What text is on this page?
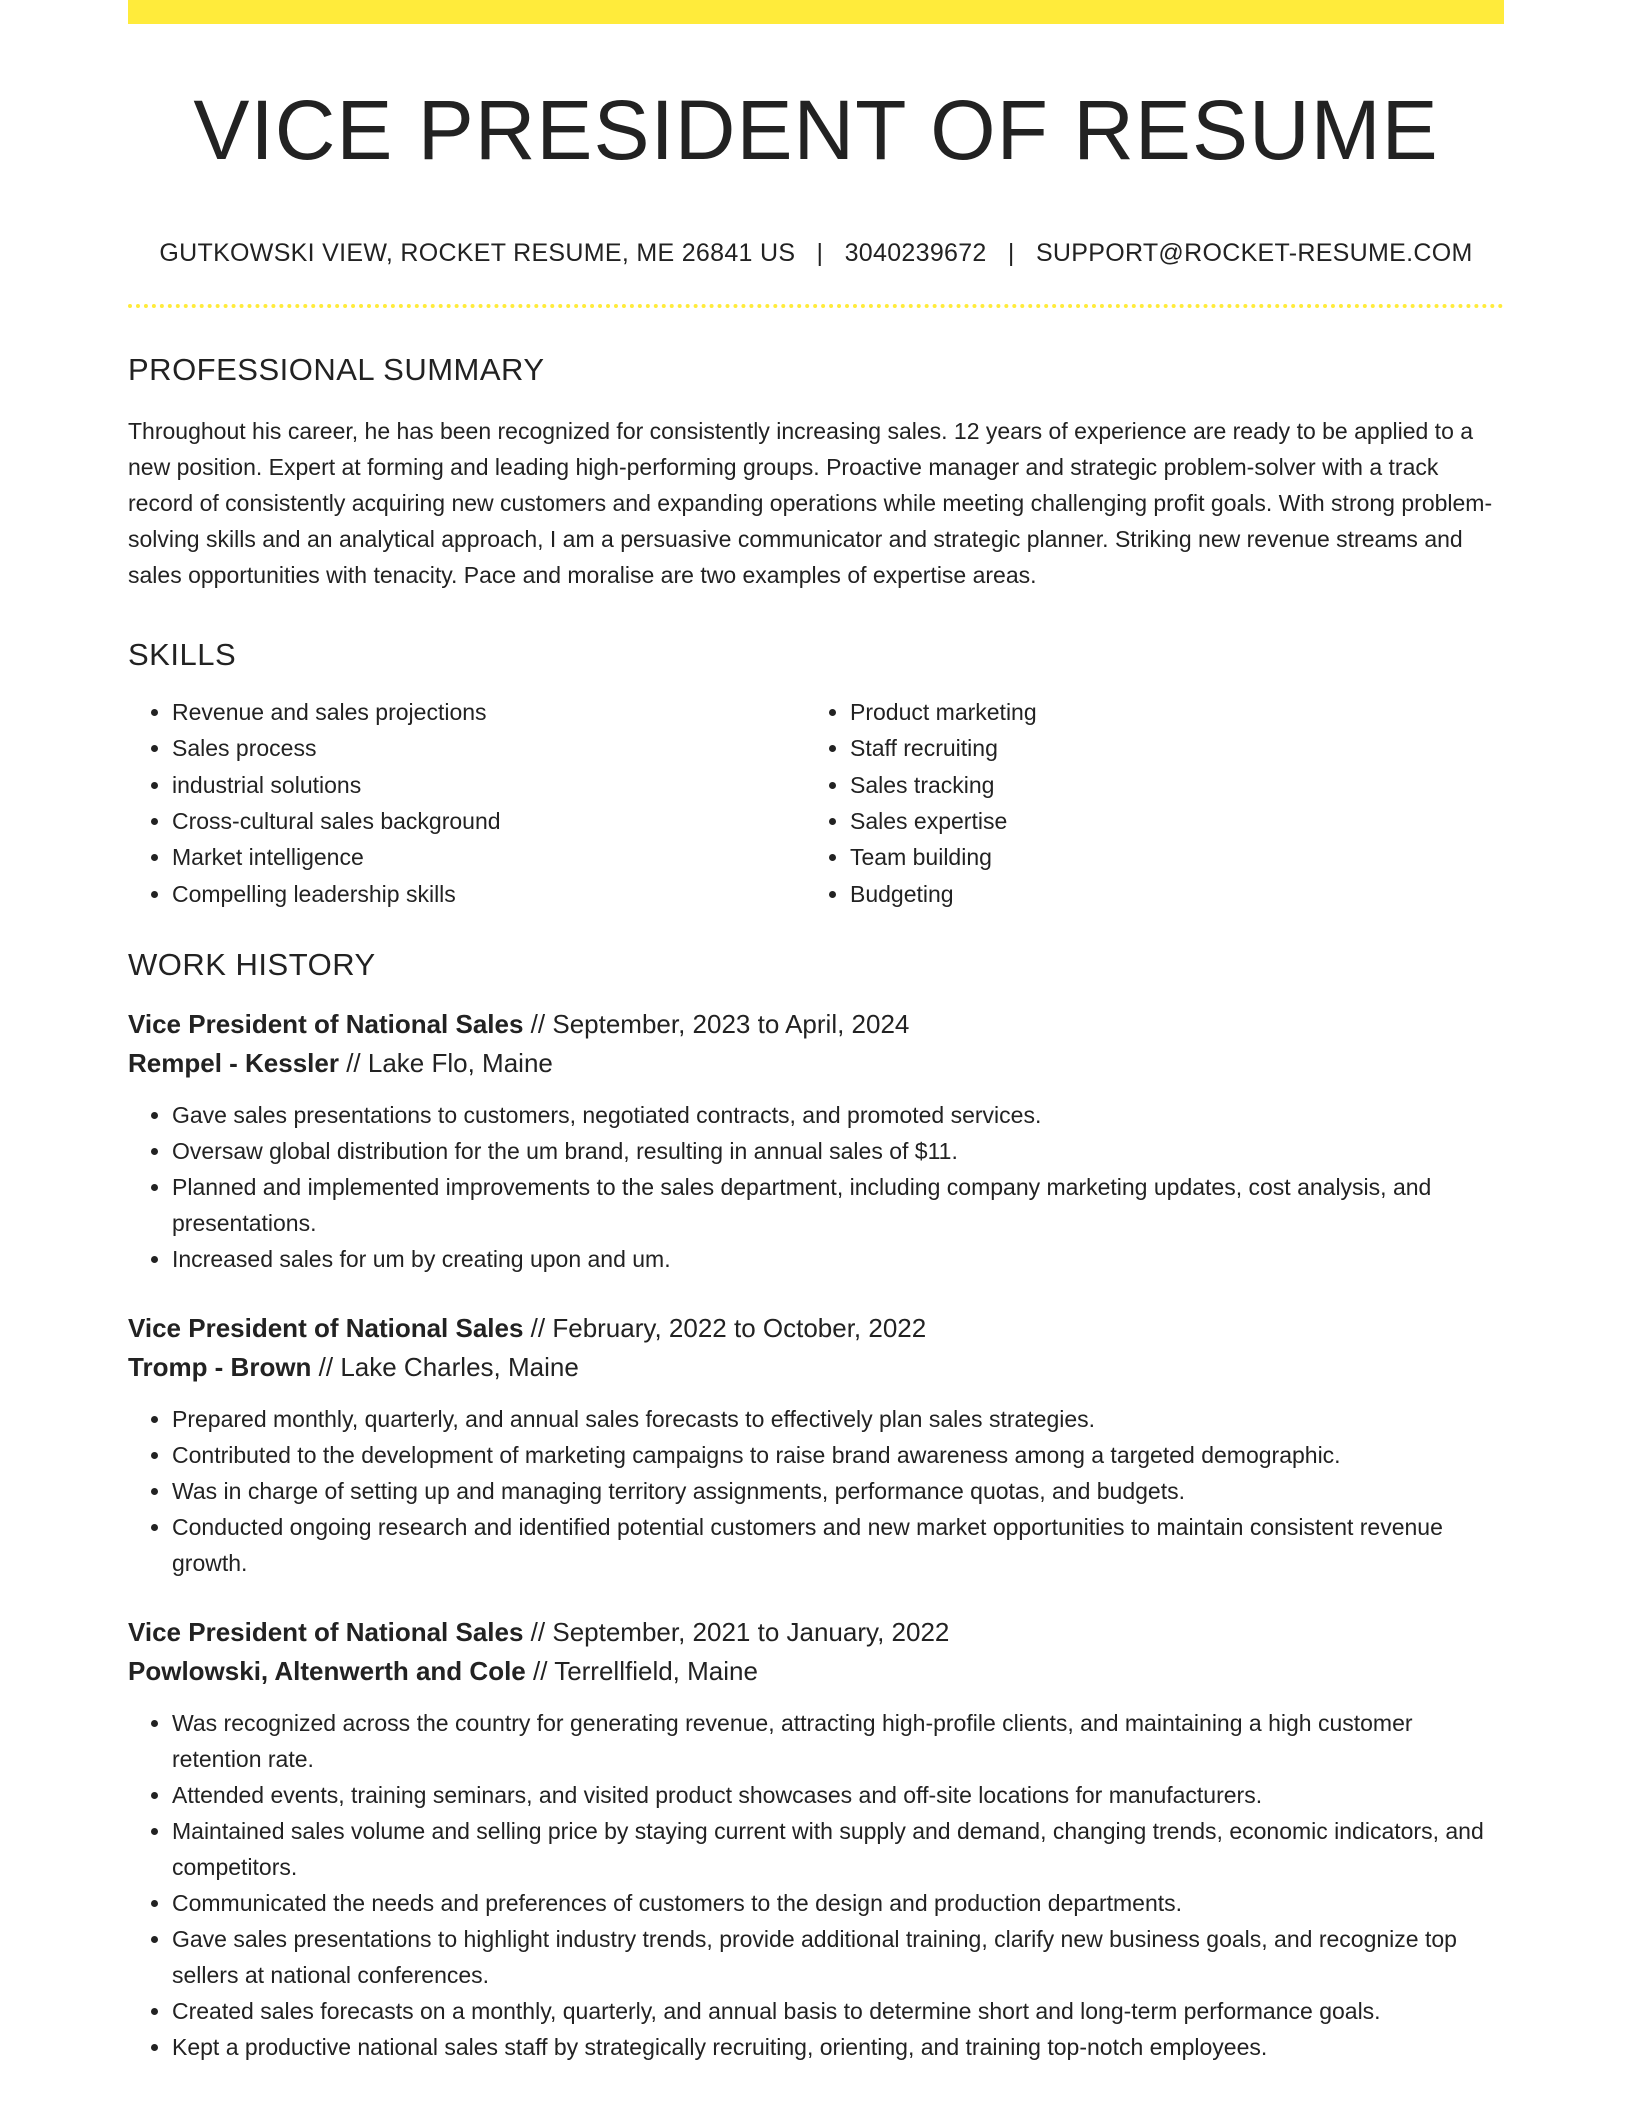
VICE PRESIDENT OF RESUME
GUTKOWSKI VIEW, ROCKET RESUME, ME 26841 US | 3040239672 | SUPPORT@ROCKET-RESUME.COM
PROFESSIONAL SUMMARY

Throughout his career, he has been recognized for consistently increasing sales. 12 years of experience are ready to be applied to a new position. Expert at forming and leading high-performing groups. Proactive manager and strategic problem-solver with a track record of consistently acquiring new customers and expanding operations while meeting challenging profit goals. With strong problem-solving skills and an analytical approach, I am a persuasive communicator and strategic planner. Striking new revenue streams and sales opportunities with tenacity. Pace and moralise are two examples of expertise areas.

SKILLS
• Revenue and sales projections
• Sales process
• industrial solutions
• Cross-cultural sales background
• Market intelligence
• Compelling leadership skills
• Product marketing
• Staff recruiting
• Sales tracking
• Sales expertise
• Team building
• Budgeting
WORK HISTORY
Vice President of National Sales // September, 2023 to April, 2024
Rempel - Kessler // Lake Flo, Maine
• Gave sales presentations to customers, negotiated contracts, and promoted services.
• Oversaw global distribution for the um brand, resulting in annual sales of $11.
• Planned and implemented improvements to the sales department, including company marketing updates, cost analysis, and presentations.
• Increased sales for um by creating upon and um.
Vice President of National Sales // February, 2022 to October, 2022
Tromp - Brown // Lake Charles, Maine
• Prepared monthly, quarterly, and annual sales forecasts to effectively plan sales strategies.
• Contributed to the development of marketing campaigns to raise brand awareness among a targeted demographic.
• Was in charge of setting up and managing territory assignments, performance quotas, and budgets.
• Conducted ongoing research and identified potential customers and new market opportunities to maintain consistent revenue growth.
Vice President of National Sales // September, 2021 to January, 2022
Powlowski, Altenwerth and Cole // Terrellfield, Maine
• Was recognized across the country for generating revenue, attracting high-profile clients, and maintaining a high customer retention rate.
• Attended events, training seminars, and visited product showcases and off-site locations for manufacturers.
• Maintained sales volume and selling price by staying current with supply and demand, changing trends, economic indicators, and competitors.
• Communicated the needs and preferences of customers to the design and production departments.
• Gave sales presentations to highlight industry trends, provide additional training, clarify new business goals, and recognize top sellers at national conferences.
• Created sales forecasts on a monthly, quarterly, and annual basis to determine short and long-term performance goals.
• Kept a productive national sales staff by strategically recruiting, orienting, and training top-notch employees.
